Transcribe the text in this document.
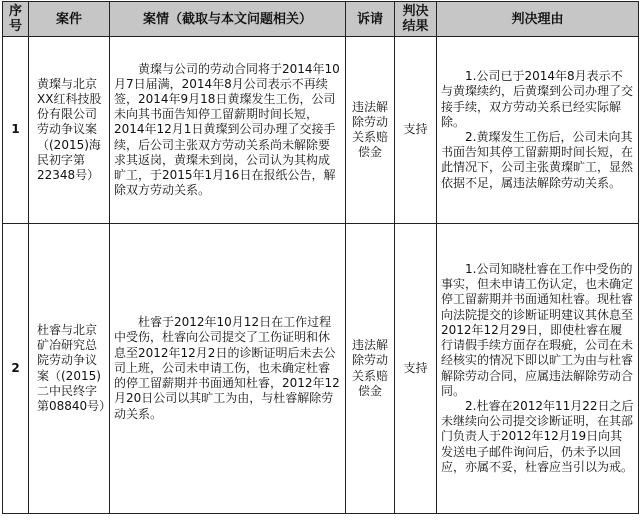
序号	案件	案情（截取与本文问题相关）	诉请	判决结果	判决理由
1	黄璨与北京XX红科技股份有限公司劳动争议案（(2015)海民初字第22348号）	黄璨与公司的劳动合同将于2014年10月7日届满，2014年8月公司表示不再续签，2014年9月18日黄璨发生工伤，公司未向其书面告知停工留薪期时间长短，2014年12月1日黄璨到公司办理了交接手续，后公司主张双方劳动关系尚未解除要求其返岗，黄璨未到岗，公司认为其构成旷工，于2015年1月16日在报纸公告，解除双方劳动关系。	违法解除劳动关系赔偿金	支持	1.公司已于2014年8月表示不与黄璨续约，后黄璨到公司办理了交接手续，双方劳动关系已经实际解除。

2.黄璨发生工伤后，公司未向其书面告知其停工留薪期时间长短，在此情况下，公司主张黄璨旷工，显然依据不足，属违法解除劳动关系。

2	杜睿与北京矿冶研究总院劳动争议案（(2015)二中民终字第08840号）	杜睿于2012年10月12日在工作过程中受伤，杜睿向公司提交了工伤证明和休息至2012年12月2日的诊断证明后未去公司上班，公司未申请工伤，也未确定杜睿的停工留薪期并书面通知杜睿，2012年12月20日公司以其旷工为由，与杜睿解除劳动关系。	违法解除劳动关系赔偿金	支持	1.公司知晓杜睿在工作中受伤的事实，但未申请工伤认定，也未确定停工留薪期并书面通知杜睿。现杜睿向法院提交的诊断证明建议其休息至2012年12月29日，即使杜睿在履行请假手续方面存在瑕疵，公司在未经核实的情况下即以旷工为由与杜睿解除劳动合同，应属违法解除劳动合同。

2.杜睿在2012年11月22日之后未继续向公司提交诊断证明，在其部门负责人于2012年12月19日向其发送电子邮件询问后，仍未予以回应，亦属不妥，杜睿应当引以为戒。
